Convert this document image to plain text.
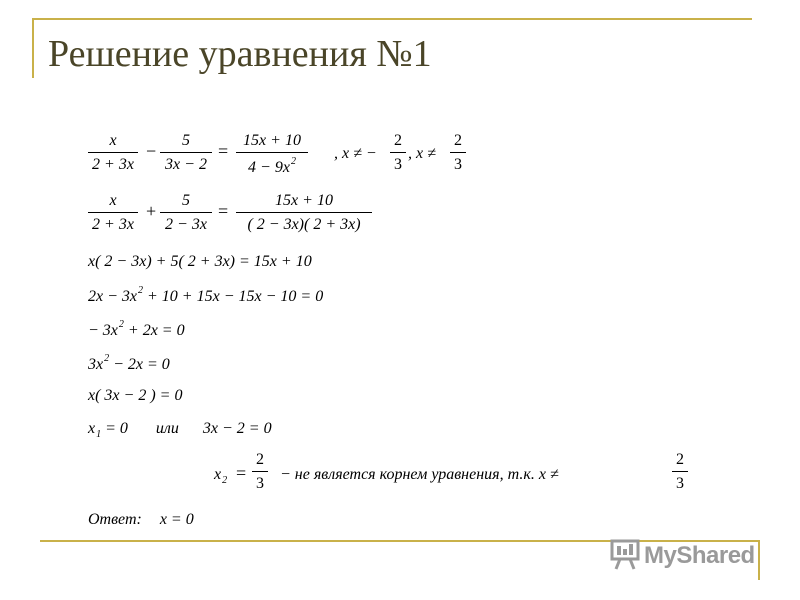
Решение уравнения №1
x
2 + 3x
−
5
3x − 2
=
15x + 10
$4 - 9x^2$	, x ≠ −
2
3
, x ≠
2
3
x
2 + 3x
+
5
2 − 3x
=
15x + 10
( 2 − 3x)( 2 + 3x)
x( 2 − 3x) + 5( 2 + 3x) = 15x + 10
$2x - 3x^2 + 10 + 15x - 15x - 10 = 0$
− $3x^2 + 2x = 0$
$3x^2 - 2x = 0$
x( 3x − 2 ) = 0
$x_1 = 0$ или 3x − 2 = 0
$x_2$ =
2
3
− не является корнем уравнения, т.к. x ≠
2
3
Ответ: x = 0
MyShared
